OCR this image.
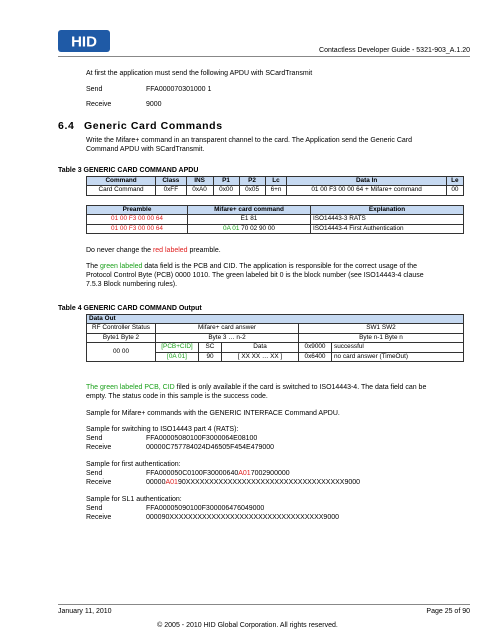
HID	Contactless Developer Guide - 5321-903_A.1.20
At first the application must send the following APDU with SCardTransmit
Send	FFA000070301000 1
Receive	9000
6.4 Generic Card Commands
Write the Mifare+ command in an transparent channel to the card. The Application send the Generic Card
Command APDU with SCardTransmit.
Table 3 GENERIC CARD COMMAND APDU
Command	Class	INS	P1	P2	Lc	Data In	Le
Card Command	0xFF	0xA0	0x00	0x05	6+n	01 00 F3 00 00 64 + Mifare+ command	00
Preamble	Mifare+ card command	Explanation
01 00 F3 00 00 64	E1 81	ISO14443-3 RATS
01 00 F3 00 00 64	0A 01 70 02 90 00	ISO14443-4 First Authentication
Do never change the red labeled preamble.
The green labeled data field is the PCB and CID. The application is responsible for the correct usage of the
Protocol Control Byte (PCB) 0000 1010. The green labeled bit 0 is the block number (see ISO14443-4 clause
7.5.3 Block numbering rules).
Table 4 GENERIC CARD COMMAND Output
Data Out					
RF Controller Status	Mifare+ card answer			SW1 SW2	
Byte1 Byte 2	Byte 3 … n-2			Byte n-1 Byte n	
00 00	[PCB+CID]	SC	Data	0x9000	successful
	[0A 01]	90	[ XX XX … XX ]	0x6400	no card answer (TimeOut)
The green labeled PCB, CID filed is only available if the card is switched to ISO14443-4. The data field can be
empty. The status code in this sample is the success code.
Sample for Mifare+ commands with the GENERIC INTERFACE Command APDU.
Sample for switching to ISO14443 part 4 (RATS):
Send	FFA00005080100F3000064E08100
Receive	00000C757784024D46505F454E479000
Sample for first authentication:
Send	FFA000050C0100F30000640A017002900000
Receive	00000A0190XXXXXXXXXXXXXXXXXXXXXXXXXXXXXXXXXX9000
Sample for SL1 authentication:
Send	FFA00005090100F300006476049000
Receive	000090XXXXXXXXXXXXXXXXXXXXXXXXXXXXXXXXX9000
January 11, 2010	Page 25 of 90
© 2005 - 2010 HID Global Corporation. All rights reserved.
